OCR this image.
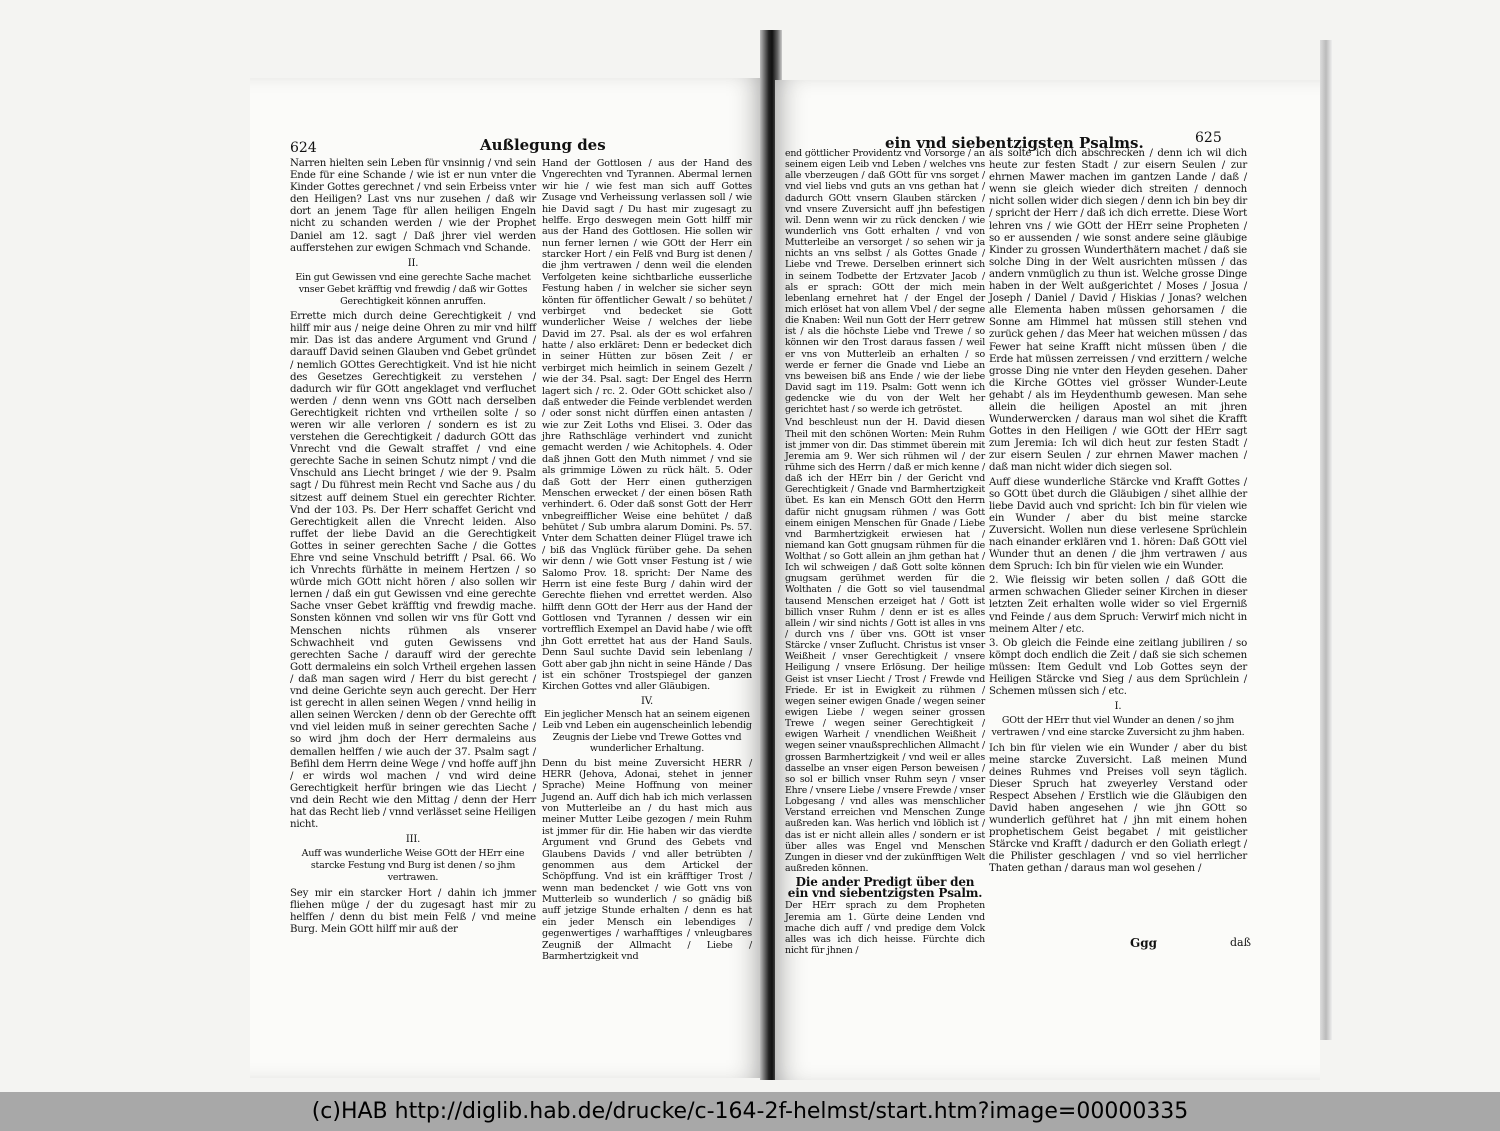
624	Außlegung des

Narren hielten sein Leben für vnsinnig / vnd sein Ende für eine Schande / wie ist er nun vnter die Kinder Gottes gerechnet / vnd sein Erbeiss vnter den Heiligen? Last vns nur zusehen / daß wir dort an jenem Tage für allen heiligen Engeln nicht zu schanden werden / wie der Prophet Daniel am 12. sagt / Daß jhrer viel werden aufferstehen zur ewigen Schmach vnd Schande.

II.

Ein gut Gewissen vnd eine gerechte Sache machet vnser Gebet kräfftig vnd frewdig / daß wir Gottes Gerechtigkeit können anruffen.

Errette mich durch deine Gerechtigkeit / vnd hilff mir aus / neige deine Ohren zu mir vnd hilff mir. Das ist das andere Argument vnd Grund / darauff David seinen Glauben vnd Gebet gründet / nemlich GOttes Gerechtigkeit. Vnd ist hie nicht des Gesetzes Gerechtigkeit zu verstehen / dadurch wir für GOtt angeklaget vnd verfluchet werden / denn wenn vns GOtt nach derselben Gerechtigkeit richten vnd vrtheilen solte / so weren wir alle verloren / sondern es ist zu verstehen die Gerechtigkeit / dadurch GOtt das Vnrecht vnd die Gewalt straffet / vnd eine gerechte Sache in seinen Schutz nimpt / vnd die Vnschuld ans Liecht bringet / wie der 9. Psalm sagt / Du führest mein Recht vnd Sache aus / du sitzest auff deinem Stuel ein gerechter Richter. Vnd der 103. Ps. Der Herr schaffet Gericht vnd Gerechtigkeit allen die Vnrecht leiden. Also ruffet der liebe David an die Gerechtigkeit Gottes in seiner gerechten Sache / die Gottes Ehre vnd seine Vnschuld betrifft / Psal. 66. Wo ich Vnrechts fürhätte in meinem Hertzen / so würde mich GOtt nicht hören / also sollen wir lernen / daß ein gut Gewissen vnd eine gerechte Sache vnser Gebet kräfftig vnd frewdig mache. Sonsten können vnd sollen wir vns für Gott vnd Menschen nichts rühmen als vnserer Schwachheit vnd guten Gewissens vnd gerechten Sache / darauff wird der gerechte Gott dermaleins ein solch Vrtheil ergehen lassen / daß man sagen wird / Herr du bist gerecht / vnd deine Gerichte seyn auch gerecht. Der Herr ist gerecht in allen seinen Wegen / vnnd heilig in allen seinen Wercken / denn ob der Gerechte offt vnd viel leiden muß in seiner gerechten Sache / so wird jhm doch der Herr dermaleins aus demallen helffen / wie auch der 37. Psalm sagt / Befihl dem Herrn deine Wege / vnd hoffe auff jhn / er wirds wol machen / vnd wird deine Gerechtigkeit herfür bringen wie das Liecht / vnd dein Recht wie den Mittag / denn der Herr hat das Recht lieb / vnnd verlässet seine Heiligen nicht.

III.

Auff was wunderliche Weise GOtt der HErr eine starcke Festung vnd Burg ist denen / so jhm vertrawen.

Sey mir ein starcker Hort / dahin ich jmmer fliehen müge / der du zugesagt hast mir zu helffen / denn du bist mein Felß / vnd meine Burg. Mein GOtt hilff mir auß der

Hand der Gottlosen / aus der Hand des Vngerechten vnd Tyrannen. Abermal lernen wir hie / wie fest man sich auff Gottes Zusage vnd Verheissung verlassen soll / wie hie David sagt / Du hast mir zugesagt zu helffe. Ergo deswegen mein Gott hilff mir aus der Hand des Gottlosen. Hie sollen wir nun ferner lernen / wie GOtt der Herr ein starcker Hort / ein Felß vnd Burg ist denen / die jhm vertrawen / denn weil die elenden Verfolgeten keine sichtbarliche eusserliche Festung haben / in welcher sie sicher seyn könten für öffentlicher Gewalt / so behütet / verbirget vnd bedecket sie Gott wunderlicher Weise / welches der liebe David im 27. Psal. als der es wol erfahren hatte / also erkläret: Denn er bedecket dich in seiner Hütten zur bösen Zeit / er verbirget mich heimlich in seinem Gezelt / wie der 34. Psal. sagt: Der Engel des Herrn lagert sich / rc. 2. Oder GOtt schicket also / daß entweder die Feinde verblendet werden / oder sonst nicht dürffen einen antasten / wie zur Zeit Loths vnd Elisei. 3. Oder das jhre Rathschläge verhindert vnd zunicht gemacht werden / wie Achitophels. 4. Oder daß jhnen Gott den Muth nimmet / vnd sie als grimmige Löwen zu rück hält. 5. Oder daß Gott der Herr einen gutherzigen Menschen erwecket / der einen bösen Rath verhindert. 6. Oder daß sonst Gott der Herr vnbegreifflicher Weise eine behütet / daß behütet / Sub umbra alarum Domini. Ps. 57. Vnter dem Schatten deiner Flügel trawe ich / biß das Vnglück fürüber gehe. Da sehen wir denn / wie Gott vnser Festung ist / wie Salomo Prov. 18. spricht: Der Name des Herrn ist eine feste Burg / dahin wird der Gerechte fliehen vnd errettet werden. Also hilfft denn GOtt der Herr aus der Hand der Gottlosen vnd Tyrannen / dessen wir ein vortrefflich Exempel an David habe / wie offt jhn Gott errettet hat aus der Hand Sauls. Denn Saul suchte David sein lebenlang / Gott aber gab jhn nicht in seine Hände / Das ist ein schöner Trostspiegel der ganzen Kirchen Gottes vnd aller Gläubigen.

IV.

Ein jeglicher Mensch hat an seinem eigenen Leib vnd Leben ein augenscheinlich lebendig Zeugnis der Liebe vnd Trewe Gottes vnd wunderlicher Erhaltung.

Denn du bist meine Zuversicht HERR / HERR (Jehova, Adonai, stehet in jenner Sprache) Meine Hoffnung von meiner Jugend an. Auff dich hab ich mich verlassen von Mutterleibe an / du hast mich aus meiner Mutter Leibe gezogen / mein Ruhm ist jmmer für dir. Hie haben wir das vierdte Argument vnd Grund des Gebets vnd Glaubens Davids / vnd aller betrübten / genommen aus dem Artickel der Schöpffung. Vnd ist ein kräfftiger Trost / wenn man bedencket / wie Gott vns von Mutterleib so wunderlich / so gnädig biß auff jetzige Stunde erhalten / denn es hat ein jeder Mensch ein lebendiges / gegenwertiges / warhafftiges / vnleugbares Zeugniß der Allmacht / Liebe / Barmhertzigkeit vnd

ein vnd siebentzigsten Psalms.	625

end göttlicher Providentz vnd Vorsorge / an seinem eigen Leib vnd Leben / welches vns alle vberzeugen / daß GOtt für vns sorget / vnd viel liebs vnd guts an vns gethan hat / dadurch GOtt vnsern Glauben stärcken / vnd vnsere Zuversicht auff jhn befestigen wil. Denn wenn wir zu rück dencken / wie wunderlich vns Gott erhalten / vnd von Mutterleibe an versorget / so sehen wir ja nichts an vns selbst / als Gottes Gnade / Liebe vnd Trewe. Derselben erinnert sich in seinem Todbette der Ertzvater Jacob / als er sprach: GOtt der mich mein lebenlang ernehret hat / der Engel der mich erlöset hat von allem Vbel / der segne die Knaben: Weil nun Gott der Herr getrew ist / als die höchste Liebe vnd Trewe / so können wir den Trost daraus fassen / weil er vns von Mutterleib an erhalten / so werde er ferner die Gnade vnd Liebe an vns beweisen biß ans Ende / wie der liebe David sagt im 119. Psalm: Gott wenn ich gedencke wie du von der Welt her gerichtet hast / so werde ich getröstet.

Vnd beschleust nun der H. David diesen Theil mit den schönen Worten: Mein Ruhm ist jmmer von dir. Das stimmet überein mit Jeremia am 9. Wer sich rühmen wil / der rühme sich des Herrn / daß er mich kenne / daß ich der HErr bin / der Gericht vnd Gerechtigkeit / Gnade vnd Barmhertzigkeit übet. Es kan ein Mensch GOtt den Herrn dafür nicht gnugsam rühmen / was Gott einem einigen Menschen für Gnade / Liebe vnd Barmhertzigkeit erwiesen hat / niemand kan Gott gnugsam rühmen für die Wolthat / so Gott allein an jhm gethan hat / Ich wil schweigen / daß Gott solte können gnugsam gerühmet werden für die Wolthaten / die Gott so viel tausendmal tausend Menschen erzeiget hat / Gott ist billich vnser Ruhm / denn er ist es alles allein / wir sind nichts / Gott ist alles in vns / durch vns / über vns. GOtt ist vnser Stärcke / vnser Zuflucht. Christus ist vnser Weißheit / vnser Gerechtigkeit / vnsere Heiligung / vnsere Erlösung. Der heilige Geist ist vnser Liecht / Trost / Frewde vnd Friede. Er ist in Ewigkeit zu rühmen / wegen seiner ewigen Gnade / wegen seiner ewigen Liebe / wegen seiner grossen Trewe / wegen seiner Gerechtigkeit / ewigen Warheit / vnendlichen Weißheit / wegen seiner vnaußsprechlichen Allmacht / grossen Barmhertzigkeit / vnd weil er alles dasselbe an vnser eigen Person beweisen / so sol er billich vnser Ruhm seyn / vnser Ehre / vnsere Liebe / vnsere Frewde / vnser Lobgesang / vnd alles was menschlicher Verstand erreichen vnd Menschen Zunge außreden kan. Was herlich vnd löblich ist / das ist er nicht allein alles / sondern er ist über alles was Engel vnd Menschen Zungen in dieser vnd der zukünfftigen Welt außreden können.

Die ander Predigt über den ein vnd siebentzigsten Psalm.

Der HErr sprach zu dem Propheten Jeremia am 1. Gürte deine Lenden vnd mache dich auff / vnd predige dem Volck alles was ich dich heisse. Fürchte dich nicht für jhnen /

als solte ich dich abschrecken / denn ich wil dich heute zur festen Stadt / zur eisern Seulen / zur ehrnen Mawer machen im gantzen Lande / daß / wenn sie gleich wieder dich streiten / dennoch nicht sollen wider dich siegen / denn ich bin bey dir / spricht der Herr / daß ich dich errette. Diese Wort lehren vns / wie GOtt der HErr seine Propheten / so er aussenden / wie sonst andere seine gläubige Kinder zu grossen Wunderthätern machet / daß sie solche Ding in der Welt ausrichten müssen / das andern vnmüglich zu thun ist. Welche grosse Dinge haben in der Welt außgerichtet / Moses / Josua / Joseph / Daniel / David / Hiskias / Jonas? welchen alle Elementa haben müssen gehorsamen / die Sonne am Himmel hat müssen still stehen vnd zurück gehen / das Meer hat weichen müssen / das Fewer hat seine Krafft nicht müssen üben / die Erde hat müssen zerreissen / vnd erzittern / welche grosse Ding nie vnter den Heyden gesehen. Daher die Kirche GOttes viel grösser Wunder-Leute gehabt / als im Heydenthumb gewesen. Man sehe allein die heiligen Apostel an mit jhren Wunderwercken / daraus man wol sihet die Krafft Gottes in den Heiligen / wie GOtt der HErr sagt zum Jeremia: Ich wil dich heut zur festen Stadt / zur eisern Seulen / zur ehrnen Mawer machen / daß man nicht wider dich siegen sol.

Auff diese wunderliche Stärcke vnd Krafft Gottes / so GOtt übet durch die Gläubigen / sihet allhie der liebe David auch vnd spricht: Ich bin für vielen wie ein Wunder / aber du bist meine starcke Zuversicht. Wollen nun diese verlesene Sprüchlein nach einander erklären vnd 1. hören: Daß GOtt viel Wunder thut an denen / die jhm vertrawen / aus dem Spruch: Ich bin für vielen wie ein Wunder.

2. Wie fleissig wir beten sollen / daß GOtt die armen schwachen Glieder seiner Kirchen in dieser letzten Zeit erhalten wolle wider so viel Ergerniß vnd Feinde / aus dem Spruch: Verwirf mich nicht in meinem Alter / etc.

3. Ob gleich die Feinde eine zeitlang jubiliren / so kömpt doch endlich die Zeit / daß sie sich schemen müssen: Item Gedult vnd Lob Gottes seyn der Heiligen Stärcke vnd Sieg / aus dem Sprüchlein / Schemen müssen sich / etc.

I.

GOtt der HErr thut viel Wunder an denen / so jhm vertrawen / vnd eine starcke Zuversicht zu jhm haben.

Ich bin für vielen wie ein Wunder / aber du bist meine starcke Zuversicht. Laß meinen Mund deines Ruhmes vnd Preises voll seyn täglich. Dieser Spruch hat zweyerley Verstand oder Respect Absehen / Erstlich wie die Gläubigen den David haben angesehen / wie jhn GOtt so wunderlich geführet hat / jhn mit einem hohen prophetischem Geist begabet / mit geistlicher Stärcke vnd Krafft / dadurch er den Goliath erlegt / die Philister geschlagen / vnd so viel herrlicher Thaten gethan / daraus man wol gesehen /

Ggg	daß
(c)HAB http://diglib.hab.de/drucke/c-164-2f-helmst/start.htm?image=00000335
